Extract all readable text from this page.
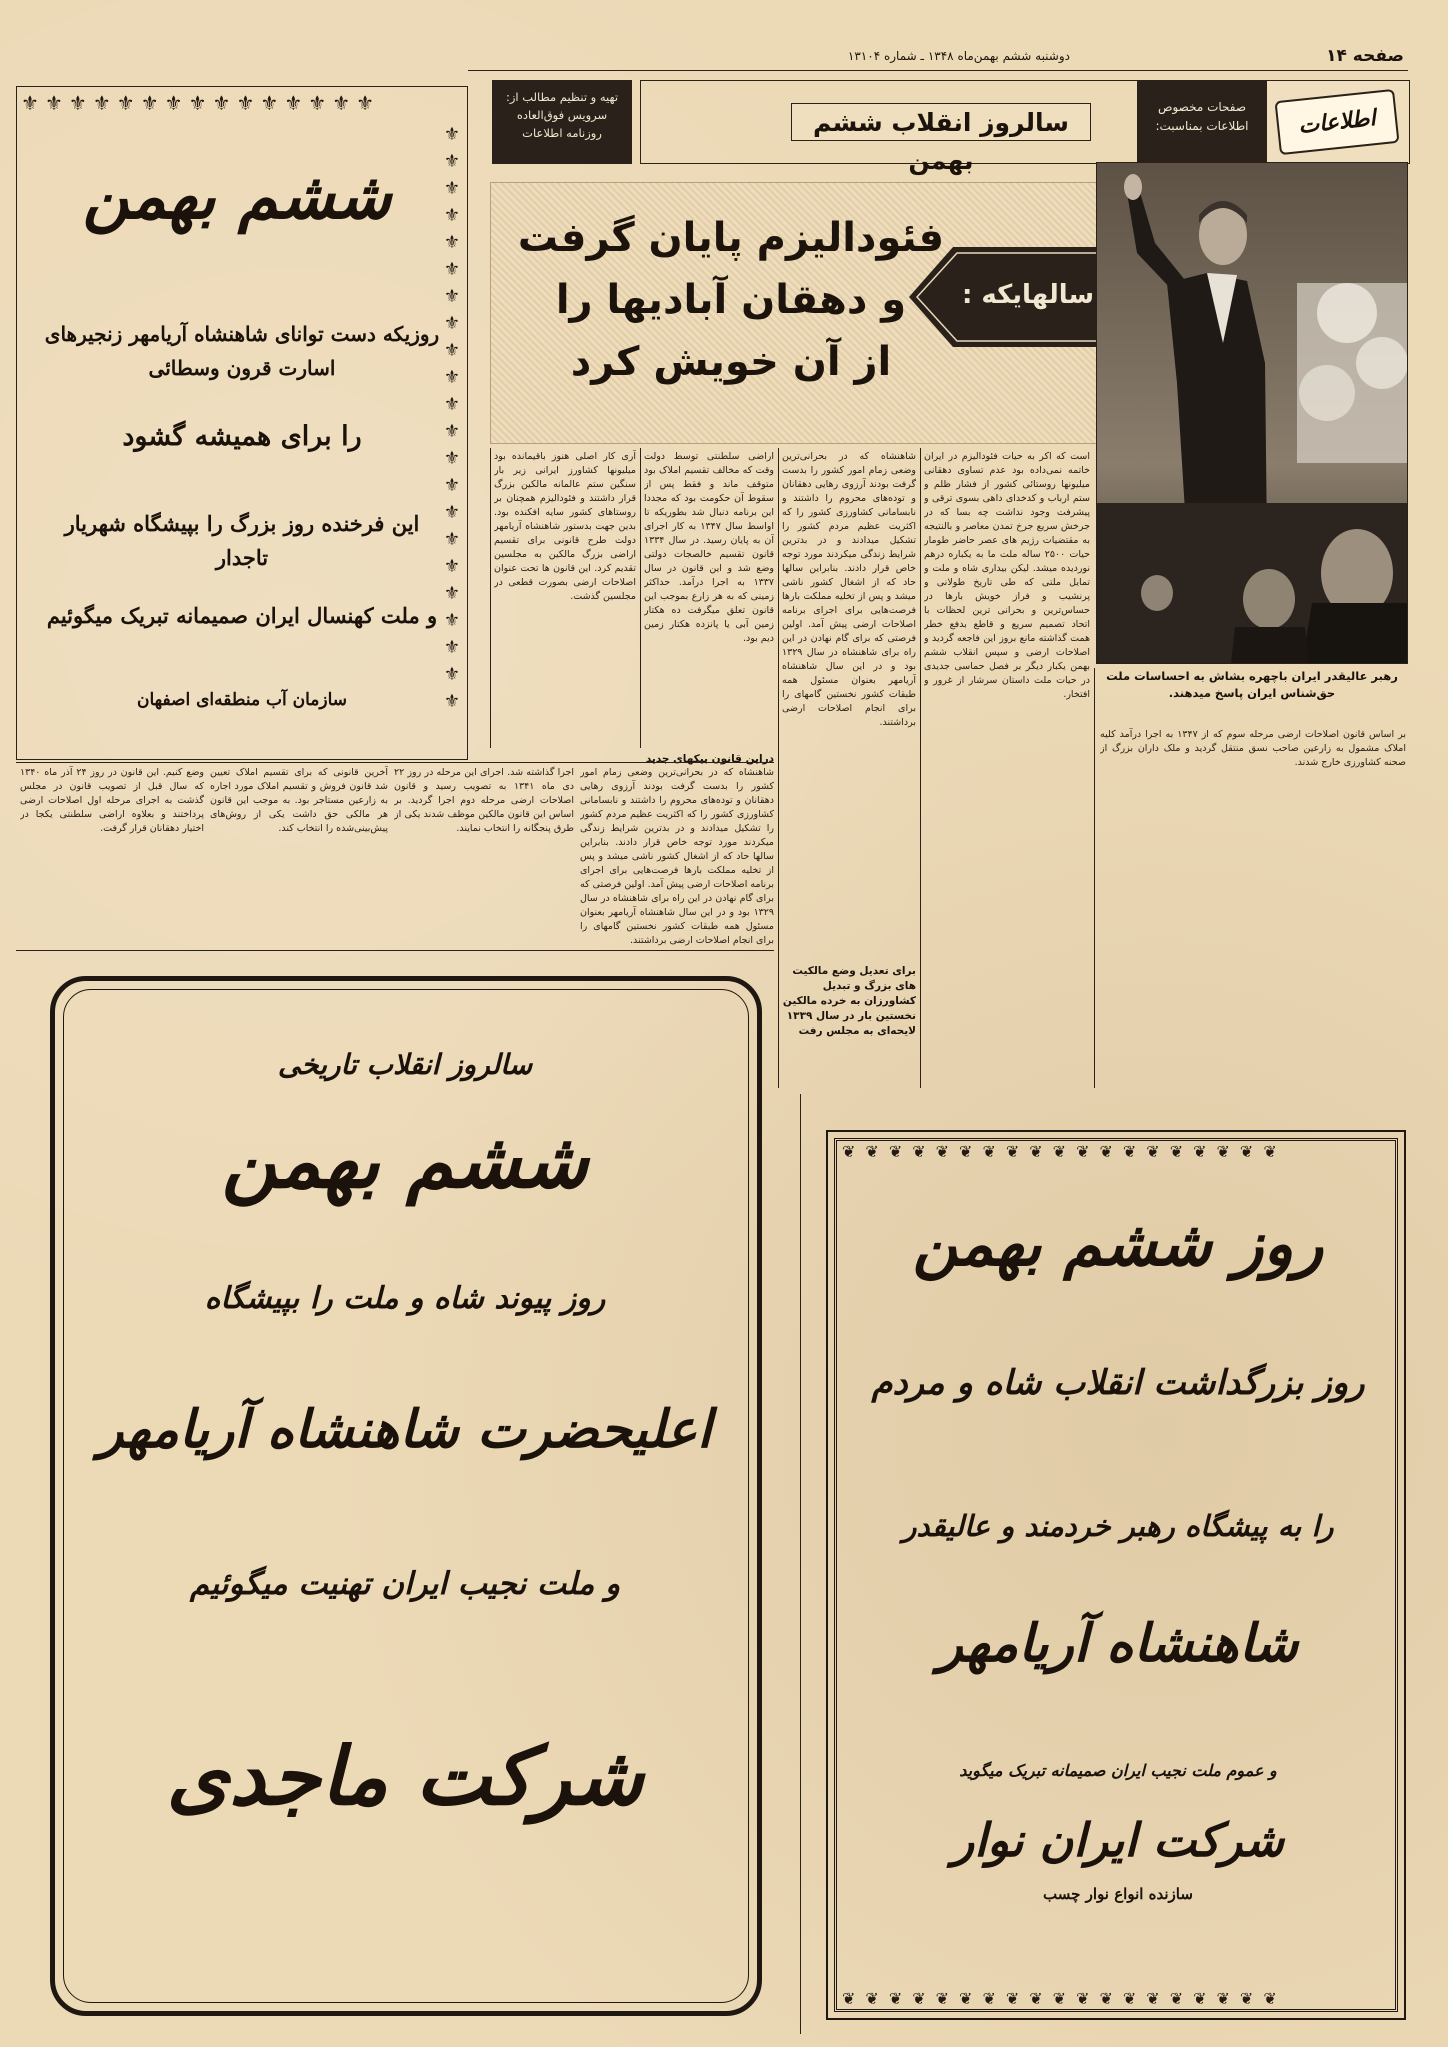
صفحه ۱۴
دوشنبه ششم بهمن‌ماه ۱۳۴۸ ـ شماره ۱۳۱۰۴
⚜⚜⚜⚜⚜⚜⚜⚜⚜⚜⚜⚜⚜⚜⚜
⚜
⚜
⚜
⚜
⚜
⚜
⚜
⚜
⚜
⚜
⚜
⚜
⚜
⚜
⚜
⚜
⚜
⚜
⚜
⚜
⚜
⚜
ششم بهمن
روزیکه دست توانای شاهنشاه آریامهر زنجیرهای اسارت قرون وسطائی
را برای همیشه گشود
این فرخنده روز بزرگ را بپیشگاه شهریار تاجدار
و ملت کهنسال ایران صمیمانه تبریک میگوئیم
سازمان آب منطقه‌ای اصفهان
تهیه و تنظیم مطالب از: سرویس فوق‌العاده روزنامه اطلاعات	سالروز انقلاب ششم بهمن
صفحات مخصوص اطلاعات بمناسبت:	اطلاعات
فئودالیزم پایان گرفت
و دهقان آبادیها را
از آن خویش کرد
سالهایکه :
رهبر عالیقدر ایران باچهره بشاش به احساسات ملت حق‌شناس ایران پاسخ میدهند.
است که اکر به حیات فئودالیزم در ایران خاتمه نمی‌داده بود عدم تساوی دهقانی میلیونها روستائی کشور از فشار ظلم و ستم ارباب و کدخدای داهی بسوی ترقی و پیشرفت وجود نداشت چه بسا که در جرخش سریع جرخ تمدن معاصر و بالنتیجه به مقتضیات رژیم های عصر حاضر طومار حیات ۲۵۰۰ ساله ملت ما به یکباره درهم نوردیده میشد. لیکن بیداری شاه و ملت و تمایل ملتی که طی تاریخ طولانی و پرنشیب و فراز خویش بارها در حساس‌ترین و بحرانی ترین لحظات با اتحاد تصمیم سریع و قاطع بدفع خطر همت گذاشته مانع بروز این فاجعه گردید و اصلاحات ارضی و سپس انقلاب ششم بهمن یکبار دیگر بر فصل حماسی جدیدی در حیات ملت داستان سرشار از غرور و افتخار.
شاهنشاه که در بحرانی‌ترین وضعی زمام امور کشور را بدست گرفت بودند آرزوی رهایی دهقانان و توده‌های محروم را داشتند و نابسامانی کشاورزی کشور را که اکثریت عظیم مردم کشور را تشکیل میدادند و در بدترین شرایط زندگی میکردند مورد توجه خاص قرار دادند. بنابراین سالها حاد که از اشغال کشور ناشی میشد و پس از تخلیه مملکت بارها فرصت‌هایی برای اجرای برنامه اصلاحات ارضی پیش آمد. اولین فرصتی که برای گام نهادن در این راه برای شاهنشاه در سال ۱۳۲۹ بود و در این سال شاهنشاه آریامهر بعنوان مسئول همه طبقات کشور نخستین گامهای را برای انجام اصلاحات ارضی برداشتند.
اراضی سلطنتی توسط دولت وقت که مخالف تقسیم املاک بود متوقف ماند و فقط پس از سقوط آن حکومت بود که مجددا این برنامه دنبال شد بطوریکه تا اواسط سال ۱۳۴۷ به کار اجرای آن به پایان رسید. در سال ۱۳۳۴ قانون تقسیم خالصجات دولتی وضع شد و این قانون در سال ۱۳۳۷ به اجرا درآمد. حداکثر زمینی که به هر زارع بموجب این قانون تعلق میگرفت ده هکتار زمین آبی یا پانزده هکتار زمین دیم بود.
آری کار اصلی هنوز باقیمانده بود میلیونها کشاورز ایرانی زیر بار سنگین ستم عالمانه مالکین بزرگ قرار داشتند و فئودالیزم همچنان بر روستاهای کشور سایه افکنده بود. بدین جهت بدستور شاهنشاه آریامهر دولت طرح قانونی برای تقسیم اراضی بزرگ مالکین به مجلسین تقدیم کرد. این قانون ها تحت عنوان اصلاحات ارضی بصورت قطعی در مجلسین گذشت.
دراین قانون بیکهای جدید
برای تعدیل وضع مالکیت های بزرگ و تبدیل کشاورزان به خرده مالکین نخستین بار در سال ۱۳۳۹ لایحه‌ای به مجلس رفت
بر اساس قانون اصلاحات ارضی مرحله سوم که از ۱۳۴۷ به اجرا درآمد کلیه املاک مشمول به زارعین صاحب نسق منتقل گردید و ملک داران بزرگ از صحنه کشاورزی خارج شدند.
اجرا گذاشته شد. اجرای این مرحله در روز ۲۲ دی ماه ۱۳۴۱ به تصویب رسید و قانون اصلاحات ارضی مرحله دوم اجرا گردید. بر اساس این قانون مالکین موظف شدند یکی از طرق پنجگانه را انتخاب نمایند.
آخرین قانونی که برای تقسیم املاک تعیین شد قانون فروش و تقسیم املاک مورد اجاره به زارعین مستاجر بود. به موجب این قانون هر مالکی حق داشت یکی از روش‌های پیش‌بینی‌شده را انتخاب کند.
وضع کنیم. این قانون در روز ۲۴ آذر ماه ۱۳۴۰ که سال قبل از تصویب قانون در مجلس گذشت به اجرای مرحله اول اصلاحات ارضی پرداختند و بعلاوه اراضی سلطنتی یکجا در اختیار دهقانان قرار گرفت.
شاهنشاه که در بحرانی‌ترین وضعی زمام امور کشور را بدست گرفت بودند آرزوی رهایی دهقانان و توده‌های محروم را داشتند و نابسامانی کشاورزی کشور را که اکثریت عظیم مردم کشور را تشکیل میدادند و در بدترین شرایط زندگی میکردند مورد توجه خاص قرار دادند. بنابراین سالها حاد که از اشغال کشور ناشی میشد و پس از تخلیه مملکت بارها فرصت‌هایی برای اجرای برنامه اصلاحات ارضی پیش آمد. اولین فرصتی که برای گام نهادن در این راه برای شاهنشاه در سال ۱۳۲۹ بود و در این سال شاهنشاه آریامهر بعنوان مسئول همه طبقات کشور نخستین گامهای را برای انجام اصلاحات ارضی برداشتند.
سالروز انقلاب تاریخی
ششم بهمن
روز پیوند شاه و ملت را بپیشگاه
اعلیحضرت شاهنشاه آریامهر
و ملت نجیب ایران تهنیت میگوئیم
شرکت ماجدی
❦❦❦❦❦❦❦❦❦❦❦❦❦❦❦❦❦❦❦
❦❦❦❦❦❦❦❦❦❦❦❦❦❦❦❦❦❦❦
روز ششم بهمن
روز بزرگداشت انقلاب شاه و مردم
را به پیشگاه رهبر خردمند و عالیقدر
شاهنشاه آریامهر
و عموم ملت نجیب ایران صمیمانه تبریک میگوید
شرکت ایران نوار
سازنده انواع نوار چسب
